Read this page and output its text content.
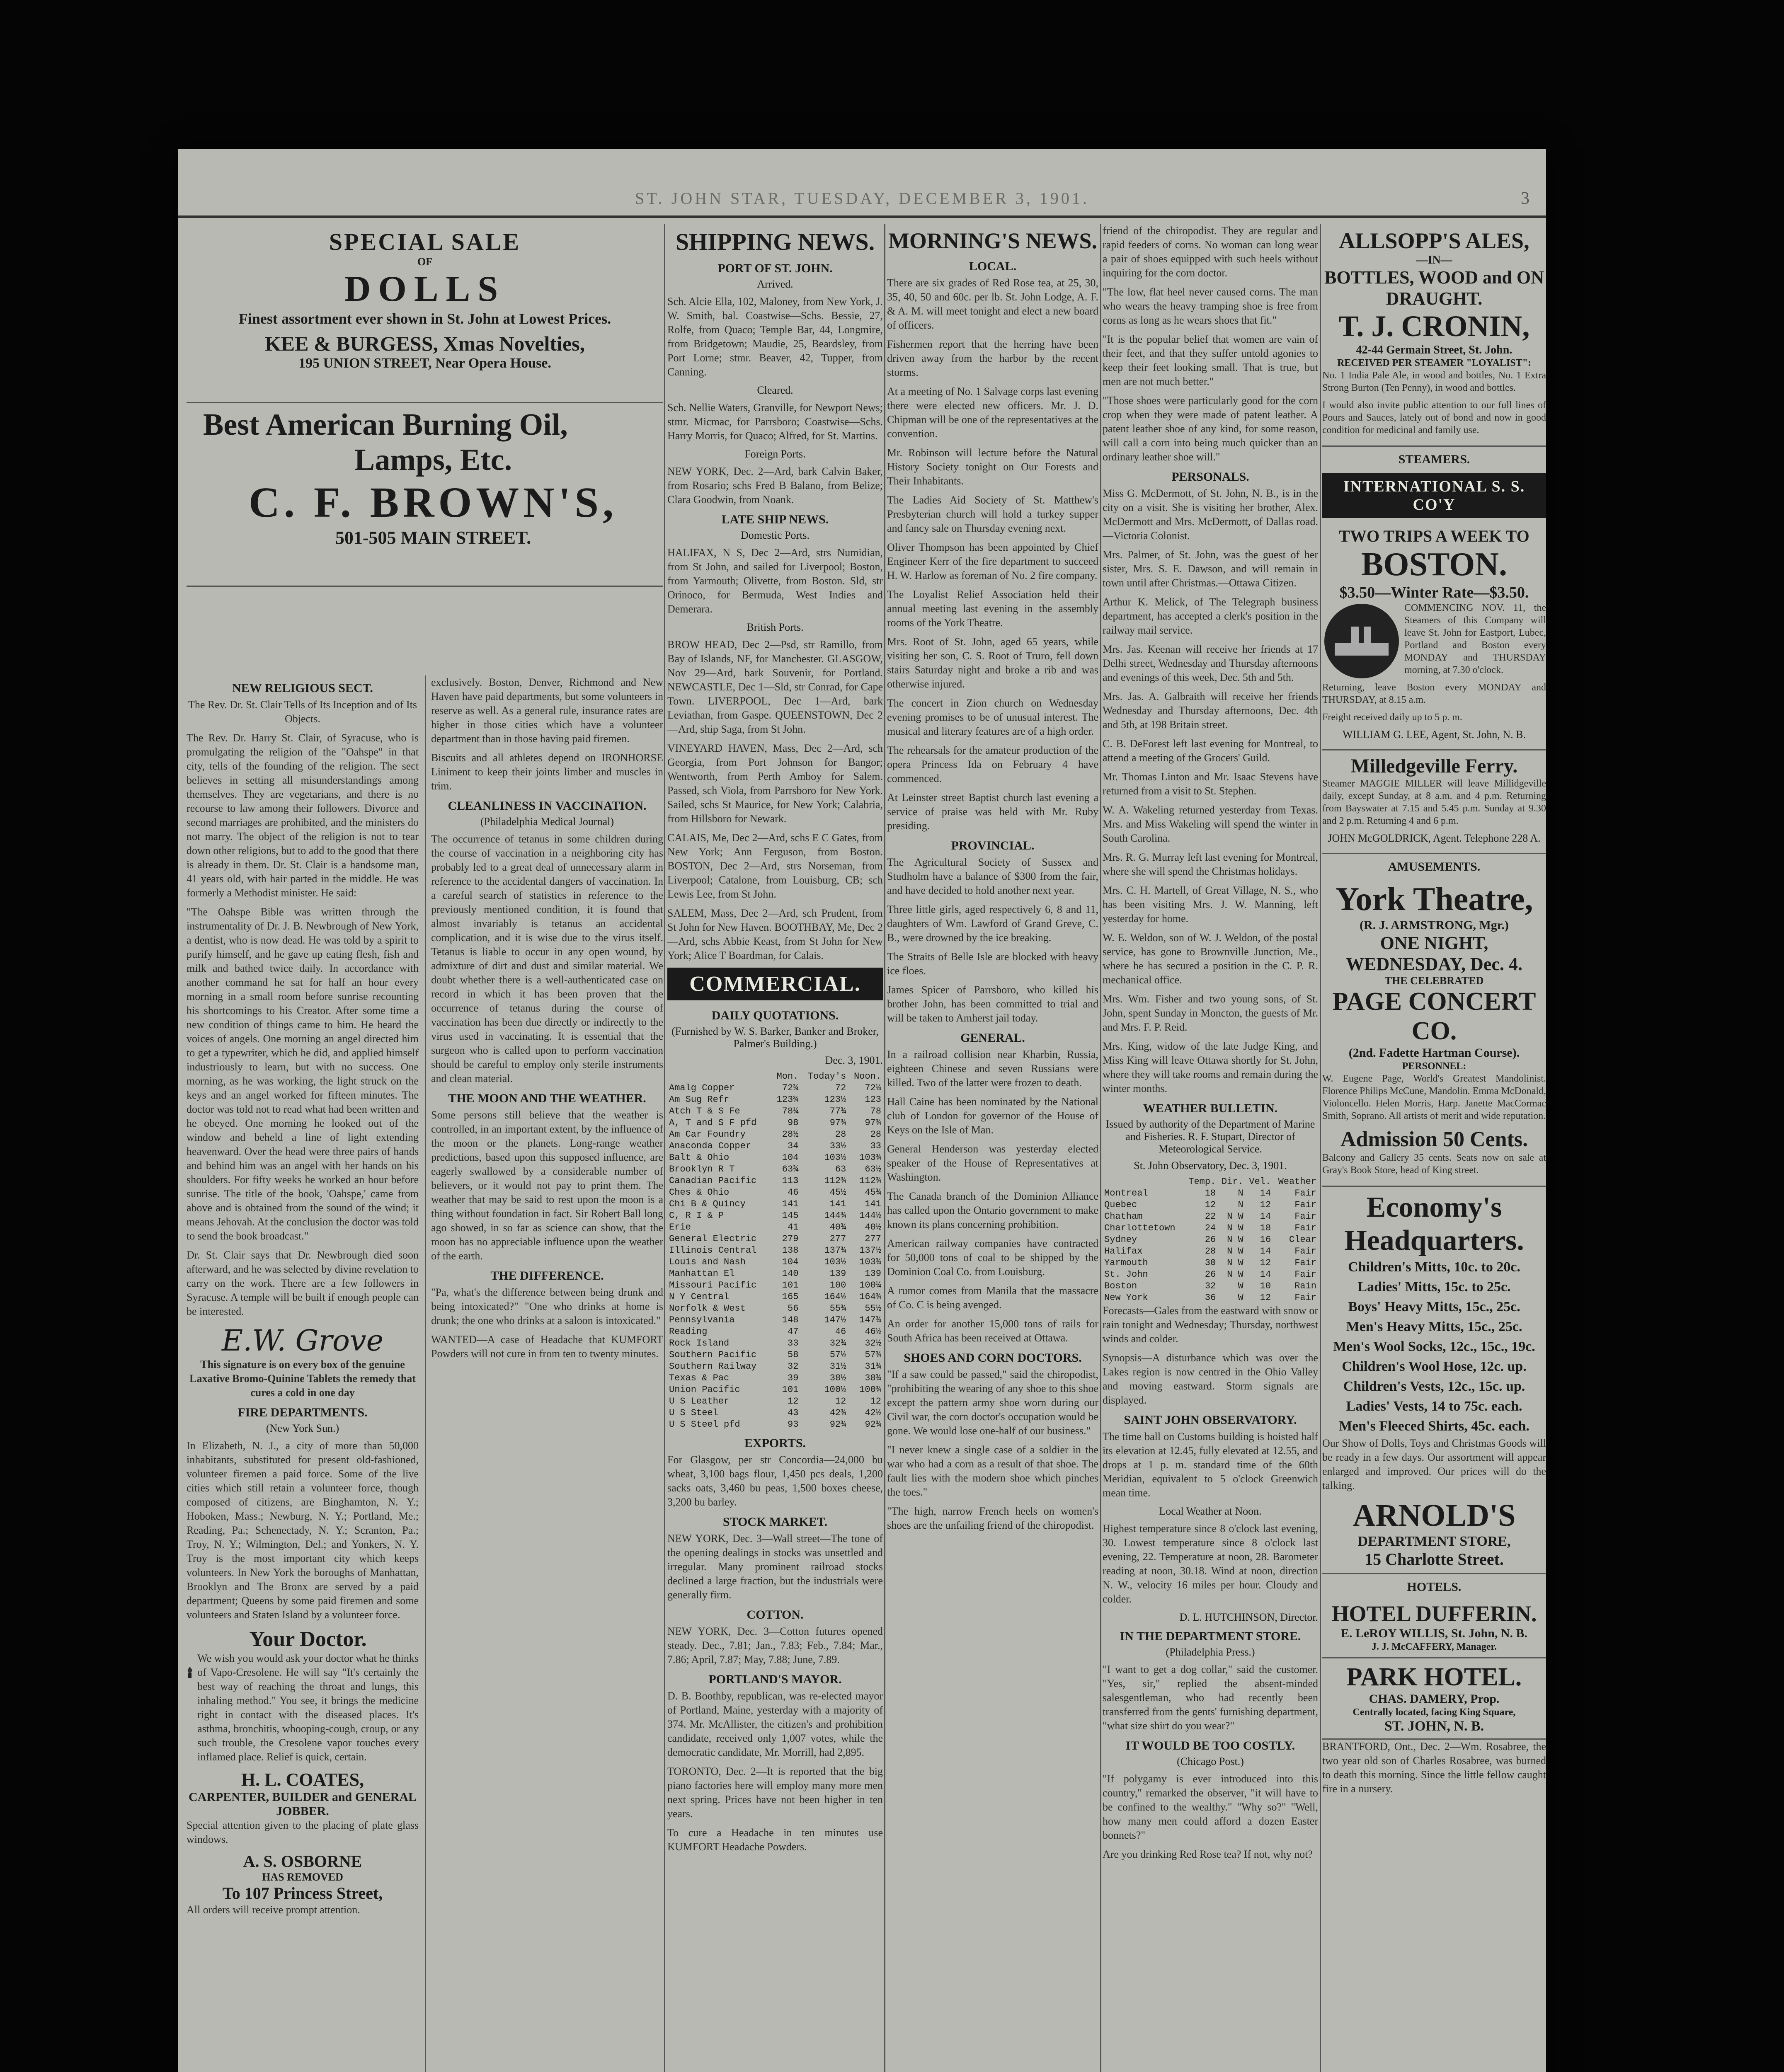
ST. JOHN STAR, TUESDAY, DECEMBER 3, 1901.	3
SPECIAL SALE
OF
DOLLS
Finest assortment ever shown in St. John at Lowest Prices.
KEE & BURGESS, Xmas Novelties,
195 UNION STREET, Near Opera House.
Best American Burning Oil,
Lamps, Etc.
C. F. BROWN'S,
501-505 MAIN STREET.
NEW RELIGIOUS SECT.

The Rev. Dr. St. Clair Tells of Its Inception and of Its Objects.

The Rev. Dr. Harry St. Clair, of Syracuse, who is promulgating the religion of the "Oahspe" in that city, tells of the founding of the religion. The sect believes in setting all misunderstandings among themselves. They are vegetarians, and there is no recourse to law among their followers. Divorce and second marriages are prohibited, and the ministers do not marry. The object of the religion is not to tear down other religions, but to add to the good that there is already in them. Dr. St. Clair is a handsome man, 41 years old, with hair parted in the middle. He was formerly a Methodist minister. He said:

"The Oahspe Bible was written through the instrumentality of Dr. J. B. Newbrough of New York, a dentist, who is now dead. He was told by a spirit to purify himself, and he gave up eating flesh, fish and milk and bathed twice daily. In accordance with another command he sat for half an hour every morning in a small room before sunrise recounting his shortcomings to his Creator. After some time a new condition of things came to him. He heard the voices of angels. One morning an angel directed him to get a typewriter, which he did, and applied himself industriously to learn, but with no success. One morning, as he was working, the light struck on the keys and an angel worked for fifteen minutes. The doctor was told not to read what had been written and he obeyed. One morning he looked out of the window and beheld a line of light extending heavenward. Over the head were three pairs of hands and behind him was an angel with her hands on his shoulders. For fifty weeks he worked an hour before sunrise. The title of the book, 'Oahspe,' came from above and is obtained from the sound of the wind; it means Jehovah. At the conclusion the doctor was told to send the book broadcast."

Dr. St. Clair says that Dr. Newbrough died soon afterward, and he was selected by divine revelation to carry on the work. There are a few followers in Syracuse. A temple will be built if enough people can be interested.

E.W. Grove

This signature is on every box of the genuine Laxative Bromo-Quinine Tablets the remedy that cures a cold in one day

FIRE DEPARTMENTS.
(New York Sun.)

In Elizabeth, N. J., a city of more than 50,000 inhabitants, substituted for present old-fashioned, volunteer firemen a paid force. Some of the live cities which still retain a volunteer force, though composed of citizens, are Binghamton, N. Y.; Hoboken, Mass.; Newburg, N. Y.; Portland, Me.; Reading, Pa.; Schenectady, N. Y.; Scranton, Pa.; Troy, N. Y.; Wilmington, Del.; and Yonkers, N. Y. Troy is the most important city which keeps volunteers. In New York the boroughs of Manhattan, Brooklyn and The Bronx are served by a paid department; Queens by some paid firemen and some volunteers and Staten Island by a volunteer force.

Your Doctor.

We wish you would ask your doctor what he thinks of Vapo-Cresolene. He will say "It's certainly the best way of reaching the throat and lungs, this inhaling method." You see, it brings the medicine right in contact with the diseased places. It's asthma, bronchitis, whooping-cough, croup, or any such trouble, the Cresolene vapor touches every inflamed place. Relief is quick, certain.

H. L. COATES,
CARPENTER, BUILDER and GENERAL JOBBER.

Special attention given to the placing of plate glass windows.

A. S. OSBORNE
HAS REMOVED
To 107 Princess Street,

All orders will receive prompt attention.

exclusively. Boston, Denver, Richmond and New Haven have paid departments, but some volunteers in reserve as well. As a general rule, insurance rates are higher in those cities which have a volunteer department than in those having paid firemen.

Biscuits and all athletes depend on IRONHORSE Liniment to keep their joints limber and muscles in trim.

CLEANLINESS IN VACCINATION.
(Philadelphia Medical Journal)

The occurrence of tetanus in some children during the course of vaccination in a neighboring city has probably led to a great deal of unnecessary alarm in reference to the accidental dangers of vaccination. In a careful search of statistics in reference to the previously mentioned condition, it is found that almost invariably is tetanus an accidental complication, and it is wise due to the virus itself. Tetanus is liable to occur in any open wound, by admixture of dirt and dust and similar material. We doubt whether there is a well-authenticated case on record in which it has been proven that the occurrence of tetanus during the course of vaccination has been due directly or indirectly to the virus used in vaccinating. It is essential that the surgeon who is called upon to perform vaccination should be careful to employ only sterile instruments and clean material.

THE MOON AND THE WEATHER.

Some persons still believe that the weather is controlled, in an important extent, by the influence of the moon or the planets. Long-range weather predictions, based upon this supposed influence, are eagerly swallowed by a considerable number of believers, or it would not pay to print them. The weather that may be said to rest upon the moon is a thing without foundation in fact. Sir Robert Ball long ago showed, in so far as science can show, that the moon has no appreciable influence upon the weather of the earth.

THE DIFFERENCE.

"Pa, what's the difference between being drunk and being intoxicated?" "One who drinks at home is drunk; the one who drinks at a saloon is intoxicated."

WANTED—A case of Headache that KUMFORT Powders will not cure in from ten to twenty minutes.

SHIPPING NEWS.
PORT OF ST. JOHN.
Arrived.

Sch. Alcie Ella, 102, Maloney, from New York, J. W. Smith, bal. Coastwise—Schs. Bessie, 27, Rolfe, from Quaco; Temple Bar, 44, Longmire, from Bridgetown; Maudie, 25, Beardsley, from Port Lorne; stmr. Beaver, 42, Tupper, from Canning.

Cleared.

Sch. Nellie Waters, Granville, for Newport News; stmr. Micmac, for Parrsboro; Coastwise—Schs. Harry Morris, for Quaco; Alfred, for St. Martins.

Foreign Ports.

NEW YORK, Dec. 2—Ard, bark Calvin Baker, from Rosario; schs Fred B Balano, from Belize; Clara Goodwin, from Noank.

LATE SHIP NEWS.
Domestic Ports.

HALIFAX, N S, Dec 2—Ard, strs Numidian, from St John, and sailed for Liverpool; Boston, from Yarmouth; Olivette, from Boston. Sld, str Orinoco, for Bermuda, West Indies and Demerara.

British Ports.

BROW HEAD, Dec 2—Psd, str Ramillo, from Bay of Islands, NF, for Manchester. GLASGOW, Nov 29—Ard, bark Souvenir, for Portland. NEWCASTLE, Dec 1—Sld, str Conrad, for Cape Town. LIVERPOOL, Dec 1—Ard, bark Leviathan, from Gaspe. QUEENSTOWN, Dec 2—Ard, ship Saga, from St John.

VINEYARD HAVEN, Mass, Dec 2—Ard, sch Georgia, from Port Johnson for Bangor; Wentworth, from Perth Amboy for Salem. Passed, sch Viola, from Parrsboro for New York. Sailed, schs St Maurice, for New York; Calabria, from Hillsboro for Newark.

CALAIS, Me, Dec 2—Ard, schs E C Gates, from New York; Ann Ferguson, from Boston. BOSTON, Dec 2—Ard, strs Norseman, from Liverpool; Catalone, from Louisburg, CB; sch Lewis Lee, from St John.

SALEM, Mass, Dec 2—Ard, sch Prudent, from St John for New Haven. BOOTHBAY, Me, Dec 2—Ard, schs Abbie Keast, from St John for New York; Alice T Boardman, for Calais.

COMMERCIAL.
DAILY QUOTATIONS.
(Furnished by W. S. Barker, Banker and Broker, Palmer's Building.)
Dec. 3, 1901.
	Mon.	Today's	Noon.
Amalg Copper	72¾	72	72¼
Am Sug Refr	123¾	123½	123
Atch T & S Fe	78¼	77¾	78
A, T and S F pfd	98	97¾	97¾
Am Car Foundry	28½	28	28
Anaconda Copper	34	33½	33
Balt & Ohio	104	103½	103¾
Brooklyn R T	63¾	63	63½
Canadian Pacific	113	112¾	112¾
Ches & Ohio	46	45½	45¾
Chi B & Quincy	141	141	141
C, R I & P	145	144¾	144½
Erie	41	40¾	40½
General Electric	279	277	277
Illinois Central	138	137¾	137½
Louis and Nash	104	103½	103¾
Manhattan El	140	139	139
Missouri Pacific	101	100	100¼
N Y Central	165	164½	164¾
Norfolk & West	56	55¾	55½
Pennsylvania	148	147½	147¾
Reading	47	46	46½
Rock Island	33	32¾	32½
Southern Pacific	58	57½	57¾
Southern Railway	32	31½	31¾
Texas & Pac	39	38½	38¾
Union Pacific	101	100½	100¾
U S Leather	12	12	12
U S Steel	43	42¾	42½
U S Steel pfd	93	92¾	92¾
EXPORTS.

For Glasgow, per str Concordia—24,000 bu wheat, 3,100 bags flour, 1,450 pcs deals, 1,200 sacks oats, 3,460 bu peas, 1,500 boxes cheese, 3,200 bu barley.

STOCK MARKET.

NEW YORK, Dec. 3—Wall street—The tone of the opening dealings in stocks was unsettled and irregular. Many prominent railroad stocks declined a large fraction, but the industrials were generally firm.

COTTON.

NEW YORK, Dec. 3—Cotton futures opened steady. Dec., 7.81; Jan., 7.83; Feb., 7.84; Mar., 7.86; April, 7.87; May, 7.88; June, 7.89.

PORTLAND'S MAYOR.

D. B. Boothby, republican, was re-elected mayor of Portland, Maine, yesterday with a majority of 374. Mr. McAllister, the citizen's and prohibition candidate, received only 1,007 votes, while the democratic candidate, Mr. Morrill, had 2,895.

TORONTO, Dec. 2—It is reported that the big piano factories here will employ many more men next spring. Prices have not been higher in ten years.

To cure a Headache in ten minutes use KUMFORT Headache Powders.

MORNING'S NEWS.
LOCAL.

There are six grades of Red Rose tea, at 25, 30, 35, 40, 50 and 60c. per lb. St. John Lodge, A. F. & A. M. will meet tonight and elect a new board of officers.

Fishermen report that the herring have been driven away from the harbor by the recent storms.

At a meeting of No. 1 Salvage corps last evening there were elected new officers. Mr. J. D. Chipman will be one of the representatives at the convention.

Mr. Robinson will lecture before the Natural History Society tonight on Our Forests and Their Inhabitants.

The Ladies Aid Society of St. Matthew's Presbyterian church will hold a turkey supper and fancy sale on Thursday evening next.

Oliver Thompson has been appointed by Chief Engineer Kerr of the fire department to succeed H. W. Harlow as foreman of No. 2 fire company.

The Loyalist Relief Association held their annual meeting last evening in the assembly rooms of the York Theatre.

Mrs. Root of St. John, aged 65 years, while visiting her son, C. S. Root of Truro, fell down stairs Saturday night and broke a rib and was otherwise injured.

The concert in Zion church on Wednesday evening promises to be of unusual interest. The musical and literary features are of a high order.

The rehearsals for the amateur production of the opera Princess Ida on February 4 have commenced.

At Leinster street Baptist church last evening a service of praise was held with Mr. Ruby presiding.

PROVINCIAL.

The Agricultural Society of Sussex and Studholm have a balance of $300 from the fair, and have decided to hold another next year.

Three little girls, aged respectively 6, 8 and 11, daughters of Wm. Lawford of Grand Greve, C. B., were drowned by the ice breaking.

The Straits of Belle Isle are blocked with heavy ice floes.

James Spicer of Parrsboro, who killed his brother John, has been committed to trial and will be taken to Amherst jail today.

GENERAL.

In a railroad collision near Kharbin, Russia, eighteen Chinese and seven Russians were killed. Two of the latter were frozen to death.

Hall Caine has been nominated by the National club of London for governor of the House of Keys on the Isle of Man.

General Henderson was yesterday elected speaker of the House of Representatives at Washington.

The Canada branch of the Dominion Alliance has called upon the Ontario government to make known its plans concerning prohibition.

American railway companies have contracted for 50,000 tons of coal to be shipped by the Dominion Coal Co. from Louisburg.

A rumor comes from Manila that the massacre of Co. C is being avenged.

An order for another 15,000 tons of rails for South Africa has been received at Ottawa.

SHOES AND CORN DOCTORS.

"If a saw could be passed," said the chiropodist, "prohibiting the wearing of any shoe to this shoe except the pattern army shoe worn during our Civil war, the corn doctor's occupation would be gone. We would lose one-half of our business."

"I never knew a single case of a soldier in the war who had a corn as a result of that shoe. The fault lies with the modern shoe which pinches the toes."

"The high, narrow French heels on women's shoes are the unfailing friend of the chiropodist.

friend of the chiropodist. They are regular and rapid feeders of corns. No woman can long wear a pair of shoes equipped with such heels without inquiring for the corn doctor.

"The low, flat heel never caused corns. The man who wears the heavy tramping shoe is free from corns as long as he wears shoes that fit."

"It is the popular belief that women are vain of their feet, and that they suffer untold agonies to keep their feet looking small. That is true, but men are not much better."

"Those shoes were particularly good for the corn crop when they were made of patent leather. A patent leather shoe of any kind, for some reason, will call a corn into being much quicker than an ordinary leather shoe will."

PERSONALS.

Miss G. McDermott, of St. John, N. B., is in the city on a visit. She is visiting her brother, Alex. McDermott and Mrs. McDermott, of Dallas road.—Victoria Colonist.

Mrs. Palmer, of St. John, was the guest of her sister, Mrs. S. E. Dawson, and will remain in town until after Christmas.—Ottawa Citizen.

Arthur K. Melick, of The Telegraph business department, has accepted a clerk's position in the railway mail service.

Mrs. Jas. Keenan will receive her friends at 17 Delhi street, Wednesday and Thursday afternoons and evenings of this week, Dec. 5th and 5th.

Mrs. Jas. A. Galbraith will receive her friends Wednesday and Thursday afternoons, Dec. 4th and 5th, at 198 Britain street.

C. B. DeForest left last evening for Montreal, to attend a meeting of the Grocers' Guild.

Mr. Thomas Linton and Mr. Isaac Stevens have returned from a visit to St. Stephen.

W. A. Wakeling returned yesterday from Texas. Mrs. and Miss Wakeling will spend the winter in South Carolina.

Mrs. R. G. Murray left last evening for Montreal, where she will spend the Christmas holidays.

Mrs. C. H. Martell, of Great Village, N. S., who has been visiting Mrs. J. W. Manning, left yesterday for home.

W. E. Weldon, son of W. J. Weldon, of the postal service, has gone to Brownville Junction, Me., where he has secured a position in the C. P. R. mechanical office.

Mrs. Wm. Fisher and two young sons, of St. John, spent Sunday in Moncton, the guests of Mr. and Mrs. F. P. Reid.

Mrs. King, widow of the late Judge King, and Miss King will leave Ottawa shortly for St. John, where they will take rooms and remain during the winter months.

WEATHER BULLETIN.
Issued by authority of the Department of Marine and Fisheries. R. F. Stupart, Director of Meteorological Service.
St. John Observatory, Dec. 3, 1901.
	Temp.	Dir.	Vel.	Weather
Montreal	18	N	14	Fair
Quebec	12	N	12	Fair
Chatham	22	N W	14	Fair
Charlottetown	24	N W	18	Fair
Sydney	26	N W	16	Clear
Halifax	28	N W	14	Fair
Yarmouth	30	N W	12	Fair
St. John	26	N W	14	Fair
Boston	32	W	10	Rain
New York	36	W	12	Fair

Forecasts—Gales from the eastward with snow or rain tonight and Wednesday; Thursday, northwest winds and colder.

Synopsis—A disturbance which was over the Lakes region is now centred in the Ohio Valley and moving eastward. Storm signals are displayed.

SAINT JOHN OBSERVATORY.

The time ball on Customs building is hoisted half its elevation at 12.45, fully elevated at 12.55, and drops at 1 p. m. standard time of the 60th Meridian, equivalent to 5 o'clock Greenwich mean time.

Local Weather at Noon.

Highest temperature since 8 o'clock last evening, 30. Lowest temperature since 8 o'clock last evening, 22. Temperature at noon, 28. Barometer reading at noon, 30.18. Wind at noon, direction N. W., velocity 16 miles per hour. Cloudy and colder.

D. L. HUTCHINSON, Director.
IN THE DEPARTMENT STORE.
(Philadelphia Press.)

"I want to get a dog collar," said the customer. "Yes, sir," replied the absent-minded salesgentleman, who had recently been transferred from the gents' furnishing department, "what size shirt do you wear?"

IT WOULD BE TOO COSTLY.
(Chicago Post.)

"If polygamy is ever introduced into this country," remarked the observer, "it will have to be confined to the wealthy." "Why so?" "Well, how many men could afford a dozen Easter bonnets?"

Are you drinking Red Rose tea? If not, why not?

ALLSOPP'S ALES,
—IN—
BOTTLES, WOOD and ON DRAUGHT.
T. J. CRONIN,
42-44 Germain Street, St. John.
RECEIVED PER STEAMER "LOYALIST":

No. 1 India Pale Ale, in wood and bottles, No. 1 Extra Strong Burton (Ten Penny), in wood and bottles.

I would also invite public attention to our full lines of Pours and Sauces, lately out of bond and now in good condition for medicinal and family use.

STEAMERS.
INTERNATIONAL S. S. CO'Y
TWO TRIPS A WEEK TO
BOSTON.
$3.50—Winter Rate—$3.50.

COMMENCING NOV. 11, the Steamers of this Company will leave St. John for Eastport, Lubec, Portland and Boston every MONDAY and THURSDAY morning, at 7.30 o'clock.

Returning, leave Boston every MONDAY and THURSDAY, at 8.15 a.m.

Freight received daily up to 5 p. m.

WILLIAM G. LEE, Agent, St. John, N. B.
Milledgeville Ferry.

Steamer MAGGIE MILLER will leave Millidgeville daily, except Sunday, at 8 a.m. and 4 p.m. Returning from Bayswater at 7.15 and 5.45 p.m. Sunday at 9.30 and 2 p.m. Returning 4 and 6 p.m.

JOHN McGOLDRICK, Agent. Telephone 228 A.
AMUSEMENTS.
York Theatre,
(R. J. ARMSTRONG, Mgr.)
ONE NIGHT,
WEDNESDAY, Dec. 4.
THE CELEBRATED
PAGE CONCERT CO.
(2nd. Fadette Hartman Course).
PERSONNEL:

W. Eugene Page, World's Greatest Mandolinist. Florence Philips McCune, Mandolin. Emma McDonald, Violoncello. Helen Morris, Harp. Janette MacCormac Smith, Soprano. All artists of merit and wide reputation.

Admission 50 Cents.

Balcony and Gallery 35 cents. Seats now on sale at Gray's Book Store, head of King street.

Economy's
Headquarters.
Children's Mitts, 10c. to 20c.
Ladies' Mitts, 15c. to 25c.
Boys' Heavy Mitts, 15c., 25c.
Men's Heavy Mitts, 15c., 25c.
Men's Wool Socks, 12c., 15c., 19c.
Children's Wool Hose, 12c. up.
Children's Vests, 12c., 15c. up.
Ladies' Vests, 14 to 75c. each.
Men's Fleeced Shirts, 45c. each.

Our Show of Dolls, Toys and Christmas Goods will be ready in a few days. Our assortment will appear enlarged and improved. Our prices will do the talking.

ARNOLD'S
DEPARTMENT STORE,
15 Charlotte Street.
HOTELS.
HOTEL DUFFERIN.
E. LeROY WILLIS, St. John, N. B.
J. J. McCAFFERY, Manager.
PARK HOTEL.
CHAS. DAMERY, Prop.
Centrally located, facing King Square,
ST. JOHN, N. B.

BRANTFORD, Ont., Dec. 2—Wm. Rosabree, the two year old son of Charles Rosabree, was burned to death this morning. Since the little fellow caught fire in a nursery.
